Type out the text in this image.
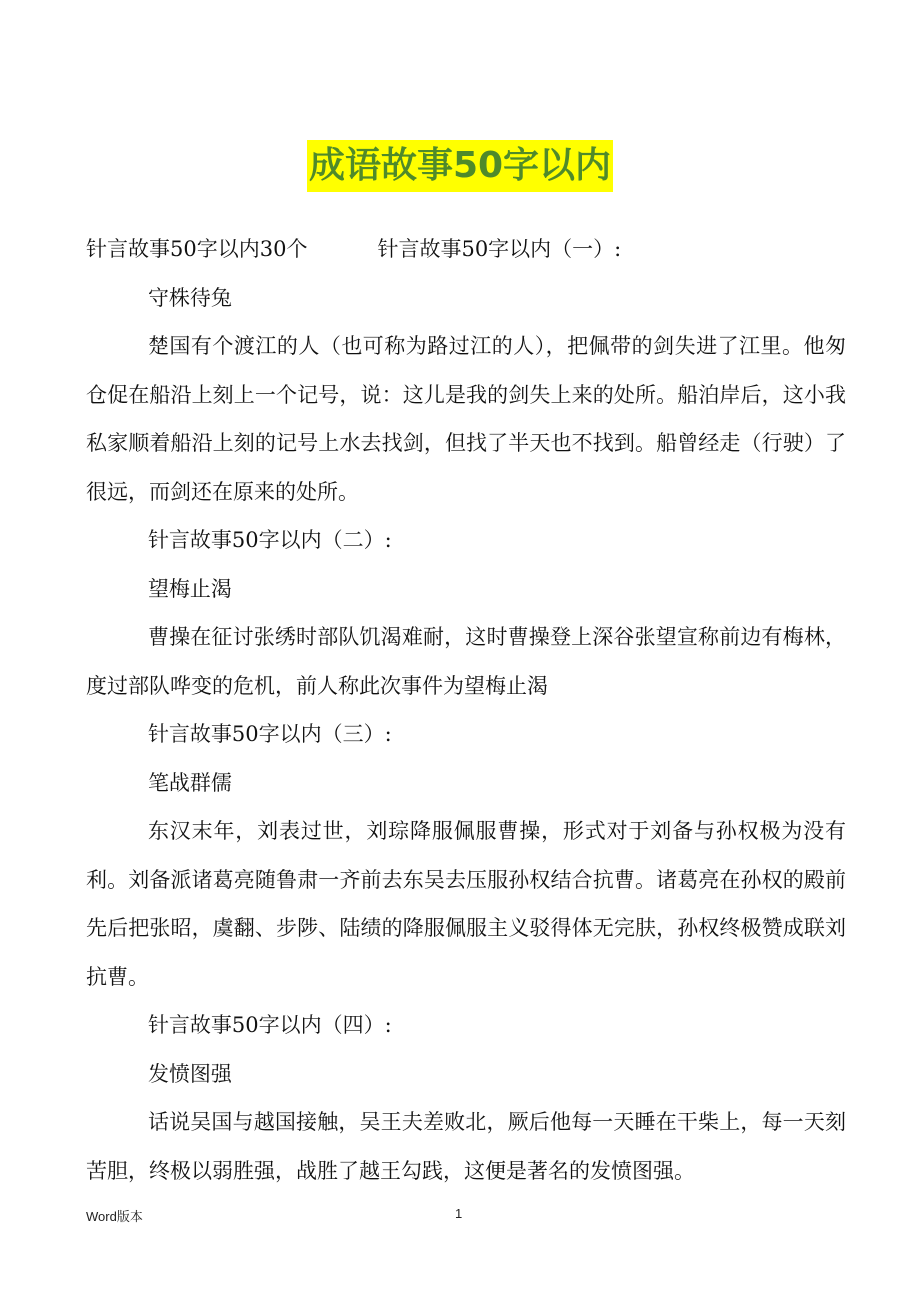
成语故事50字以内

针言故事50字以内30个	针言故事50字以内（一）:

守株待兔

楚国有个渡江的人（也可称为路过江的人），把佩带的剑失进了江里。他匆仓促在船沿上刻上一个记号，说：这儿是我的剑失上来的处所。船泊岸后，这小我私家顺着船沿上刻的记号上水去找剑，但找了半天也不找到。船曾经走（行驶）了很远，而剑还在原来的处所。

针言故事50字以内（二）:

望梅止渴

曹操在征讨张绣时部队饥渴难耐，这时曹操登上深谷张望宣称前边有梅林，度过部队哗变的危机，前人称此次事件为望梅止渴

针言故事50字以内（三）:

笔战群儒

东汉末年，刘表过世，刘琮降服佩服曹操，形式对于刘备与孙权极为没有利。刘备派诸葛亮随鲁肃一齐前去东吴去压服孙权结合抗曹。诸葛亮在孙权的殿前先后把张昭，虞翻、步陟、陆绩的降服佩服主义驳得体无完肤，孙权终极赞成联刘抗曹。

针言故事50字以内（四）:

发愤图强

话说吴国与越国接触，吴王夫差败北，厥后他每一天睡在干柴上，每一天刻苦胆，终极以弱胜强，战胜了越王勾践，这便是著名的发愤图强。

Word版本	1
